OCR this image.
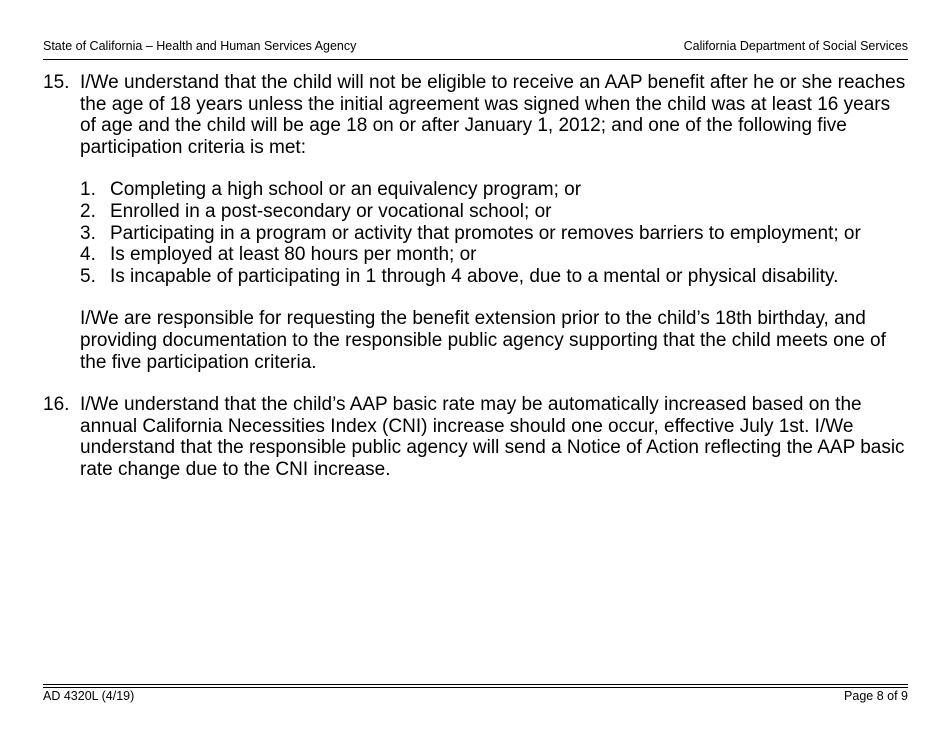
State of California – Health and Human Services Agency	California Department of Social Services
15. I/We understand that the child will not be eligible to receive an AAP benefit after he or she reaches the age of 18 years unless the initial agreement was signed when the child was at least 16 years of age and the child will be age 18 on or after January 1, 2012; and one of the following five participation criteria is met:

1. Completing a high school or an equivalency program; or
2. Enrolled in a post-secondary or vocational school; or
3. Participating in a program or activity that promotes or removes barriers to employment; or
4. Is employed at least 80 hours per month; or
5. Is incapable of participating in 1 through 4 above, due to a mental or physical disability.

I/We are responsible for requesting the benefit extension prior to the child’s 18th birthday, and providing documentation to the responsible public agency supporting that the child meets one of the five participation criteria.

16. I/We understand that the child’s AAP basic rate may be automatically increased based on the annual California Necessities Index (CNI) increase should one occur, effective July 1st. I/We understand that the responsible public agency will send a Notice of Action reflecting the AAP basic rate change due to the CNI increase.

AD 4320L (4/19)	Page 8 of 9
